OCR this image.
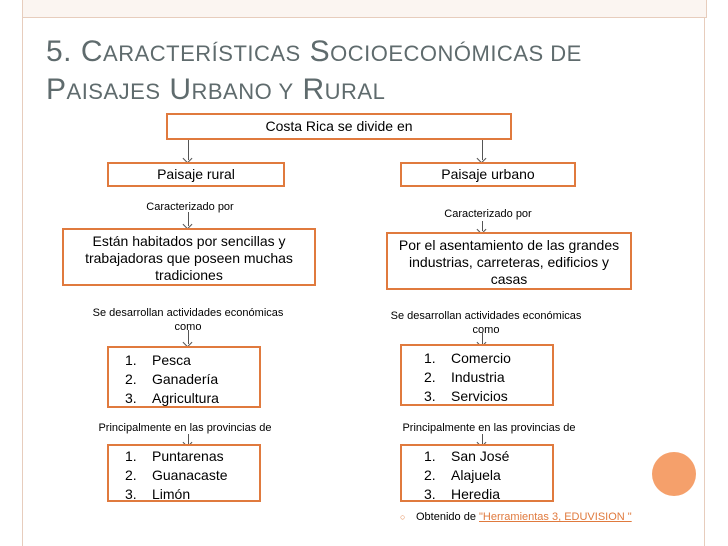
5. CARACTERÍSTICAS SOCIOECONÓMICAS DE
PAISAJES URBANO Y RURAL
Costa Rica se divide en
Paisaje rural
Caracterizado por
Están habitados por sencillas y trabajadoras que poseen muchas tradiciones
Se desarrollan actividades económicas como
1. Pesca
2. Ganadería
3. Agricultura
Principalmente en las provincias de
1. Puntarenas
2. Guanacaste
3. Limón
Paisaje urbano
Caracterizado por
Por el asentamiento de las grandes industrias, carreteras, edificios y casas
Se desarrollan actividades económicas como
1. Comercio
2. Industria
3. Servicios
Principalmente en las provincias de
1. San José
2. Alajuela
3. Heredia
○ Obtenido de "Herramientas 3, EDUVISION "
